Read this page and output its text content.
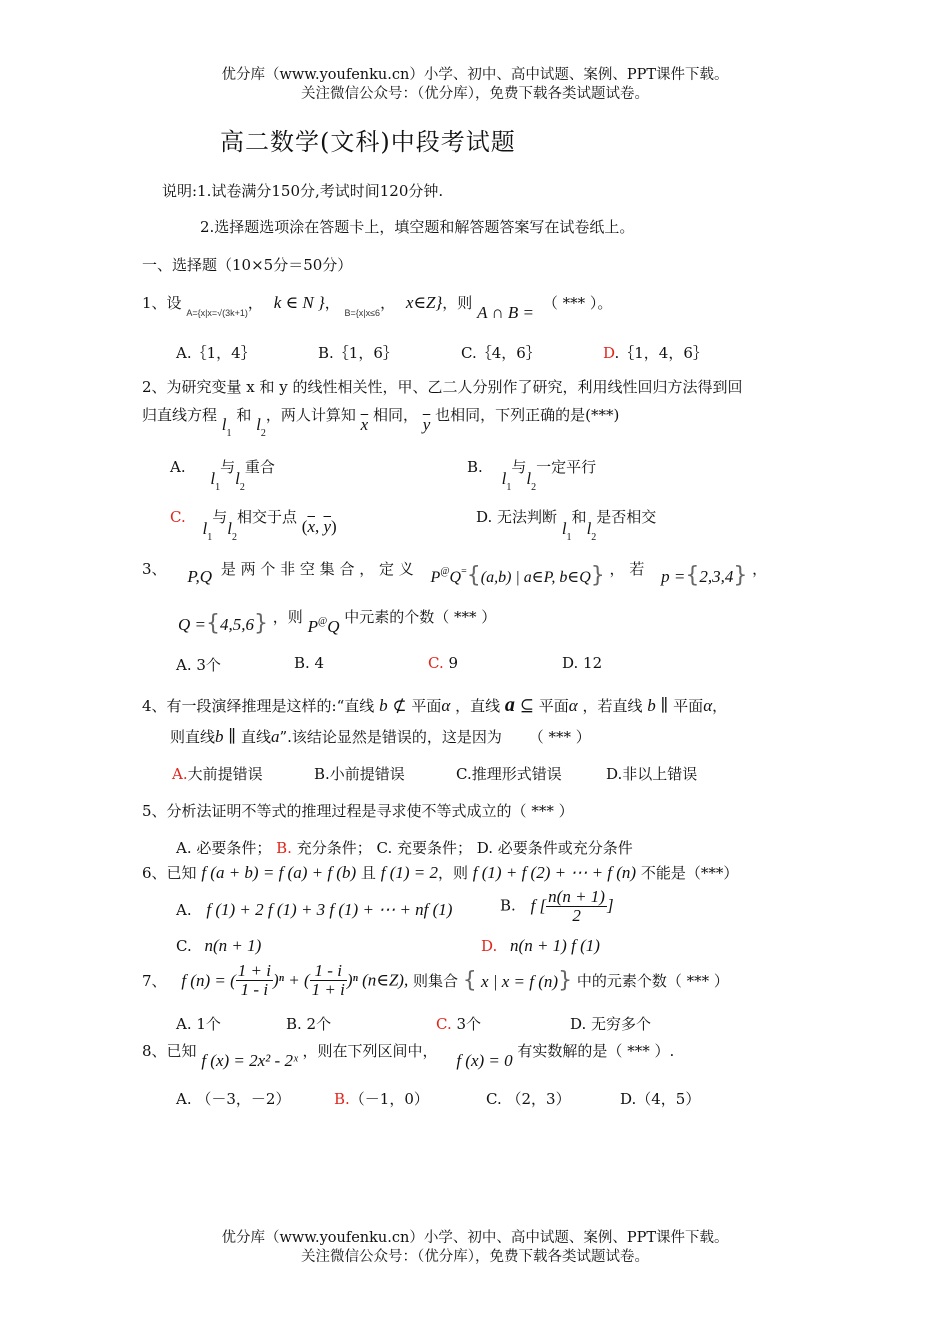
优分库（www.youfenku.cn）小学、初中、高中试题、案例、PPT课件下载。
关注微信公众号：（优分库），免费下载各类试题试卷。
高二数学(文科)中段考试题
说明:1.试卷满分150分,考试时间120分钟.
2.选择题选项涂在答题卡上，填空题和解答题答案写在试卷纸上。
一、选择题（10×5分＝50分）
1、设 $_{A=\{x|x=√(3k+1)}$， k ∈ N }， $_{B=\{x|x\le 6}$， x∈Z}，则 A ∩ B = （ *** ）。
A.｛1，4｝	B.｛1，6｝	C.｛4，6｝	D.｛1，4，6｝
2、为研究变量 x 和 y 的线性相关性，甲、乙二人分别作了研究，利用线性回归方法得到回
归直线方程 $l_1$ 和 $l_2$，两人计算知 $\overline{x}$ 相同， $\overline{y}$ 也相同，下列正确的是(***)
A. $l_1$与$l_2$重合	B. $l_1$与$l_2$一定平行
C. $l_1$与$l_2$相交于点 ($\overline{x}$, $\overline{y}$)	D. 无法判断 $l_1$和$l_2$是否相交
3、 P,Q 是 两 个 非 空 集 合 ， 定 义 P@Q={(a,b) | a∈P, b∈Q} ， 若 p ={2,3,4} ，
Q ={4,5,6} ，则 P@Q 中元素的个数（ *** ）
A. 3个	B. 4	C. 9	D. 12
4、有一段演绎推理是这样的:“直线 b ⊄ 平面α ，直线 a ⊆ 平面α ，若直线 b ∥ 平面α，
则直线b ∥ 直线a”.该结论显然是错误的，这是因为 （ *** ）
A.大前提错误	B.小前提错误	C.推理形式错误	D.非以上错误
5、分析法证明不等式的推理过程是寻求使不等式成立的（ *** ）
A. 必要条件； B. 充分条件； C. 充要条件； D. 必要条件或充分条件
6、已知 f (a + b) = f (a) + f (b) 且 f (1) = 2，则 f (1) + f (2) + ⋯ + f (n) 不能是（***）
A. f (1) + 2 f (1) + 3 f (1) + ⋯ + nf (1)	B. f [ $\frac{n(n + 1)}{2}$ ]
C. n(n + 1)	D. n(n + 1) f (1)
7、 f (n) = ( $\frac{1 + i}{1 - i} )^n$ + ( $\frac{1 - i}{1 + i} )^n$ (n∈Z), 则集合 { x | x = f (n)} 中的元素个数（ *** ）
A. 1个	B. 2个	C. 3个	D. 无穷多个
8、已知 f (x) = 2x² - 2ˣ ，则在下列区间中， f (x) = 0 有实数解的是（ *** ）.
A. （－3，－2）	B.（－1，0）	C. （2，3）	D.（4，5）
优分库（www.youfenku.cn）小学、初中、高中试题、案例、PPT课件下载。
关注微信公众号：（优分库），免费下载各类试题试卷。
